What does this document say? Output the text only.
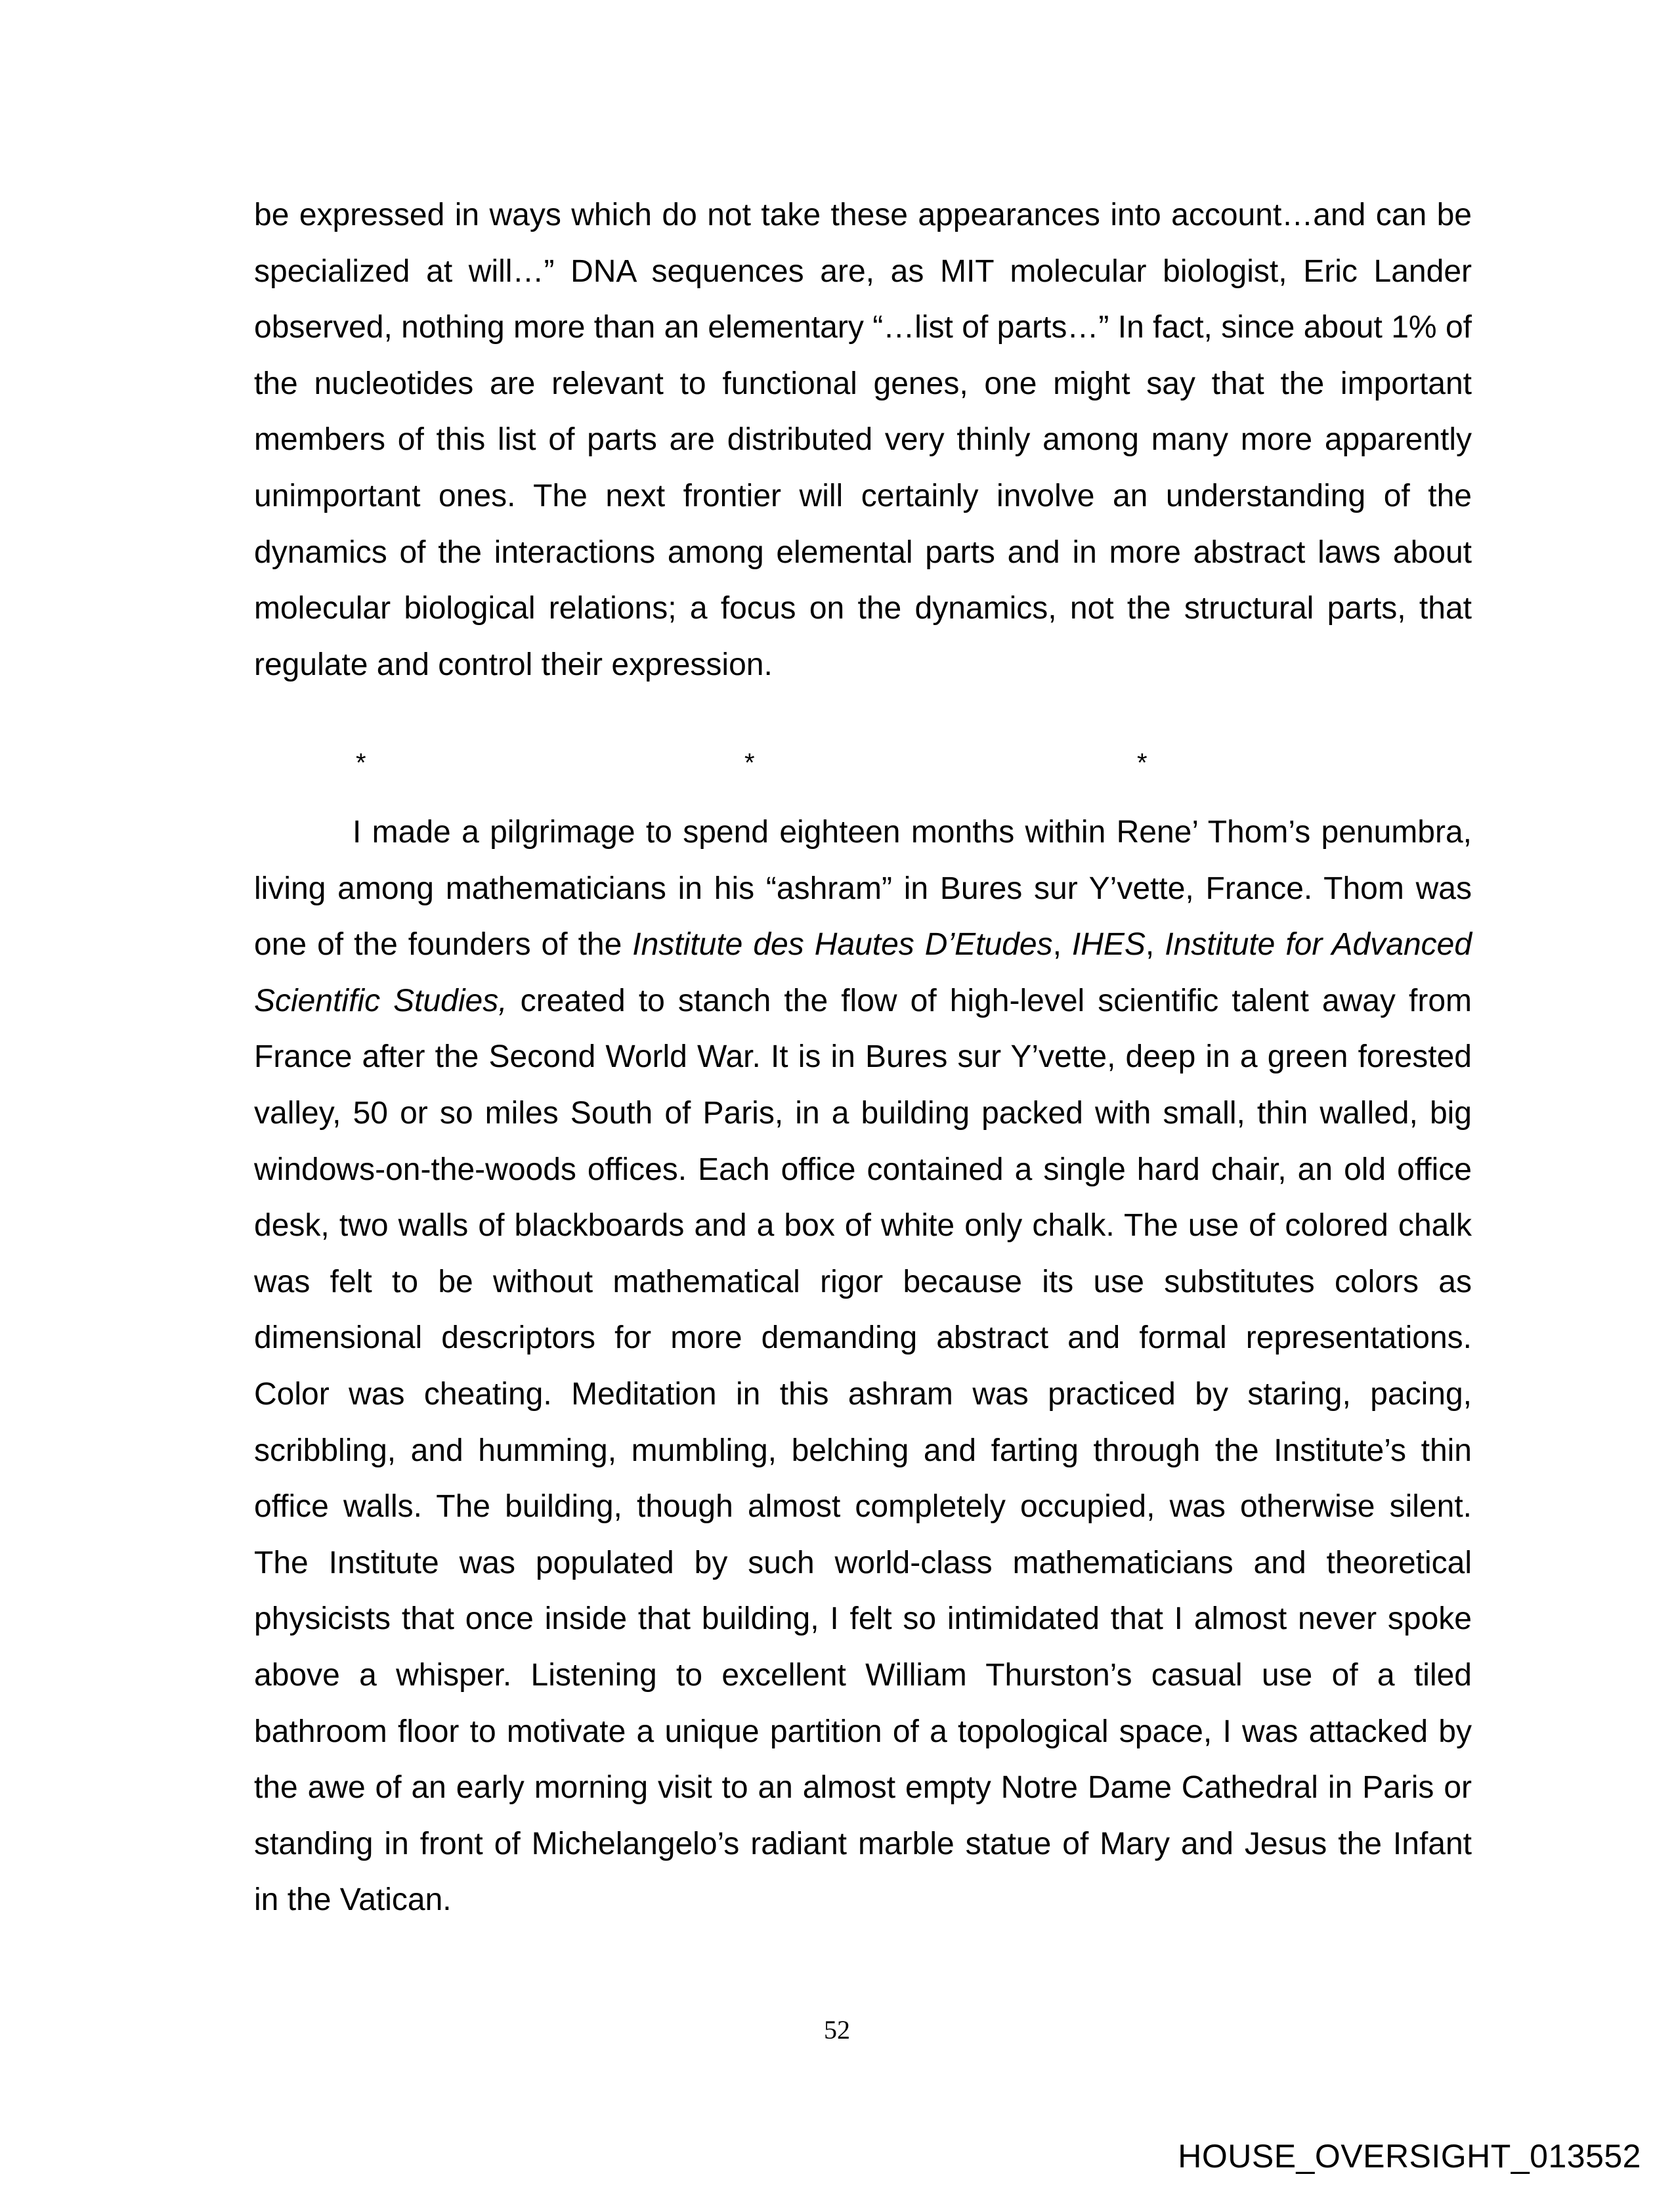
be expressed in ways which do not take these appearances into account…and can be specialized at will…” DNA sequences are, as MIT molecular biologist, Eric Lander observed, nothing more than an elementary “…list of parts…” In fact, since about 1% of the nucleotides are relevant to functional genes, one might say that the important members of this list of parts are distributed very thinly among many more apparently unimportant ones. The next frontier will certainly involve an understanding of the dynamics of the interactions among elemental parts and in more abstract laws about molecular biological relations; a focus on the dynamics, not the structural parts, that regulate and control their expression.

*	*	*

I made a pilgrimage to spend eighteen months within Rene’ Thom’s penumbra, living among mathematicians in his “ashram” in Bures sur Y’vette, France. Thom was one of the founders of the Institute des Hautes D’Etudes, IHES, Institute for Advanced Scientific Studies, created to stanch the flow of high-level scientific talent away from France after the Second World War. It is in Bures sur Y’vette, deep in a green forested valley, 50 or so miles South of Paris, in a building packed with small, thin walled, big windows-on-the-woods offices. Each office contained a single hard chair, an old office desk, two walls of blackboards and a box of white only chalk. The use of colored chalk was felt to be without mathematical rigor because its use substitutes colors as dimensional descriptors for more demanding abstract and formal representations. Color was cheating. Meditation in this ashram was practiced by staring, pacing, scribbling, and humming, mumbling, belching and farting through the Institute’s thin office walls. The building, though almost completely occupied, was otherwise silent. The Institute was populated by such world-class mathematicians and theoretical physicists that once inside that building, I felt so intimidated that I almost never spoke above a whisper. Listening to excellent William Thurston’s casual use of a tiled bathroom floor to motivate a unique partition of a topological space, I was attacked by the awe of an early morning visit to an almost empty Notre Dame Cathedral in Paris or standing in front of Michelangelo’s radiant marble statue of Mary and Jesus the Infant in the Vatican.

52
HOUSE_OVERSIGHT_013552
